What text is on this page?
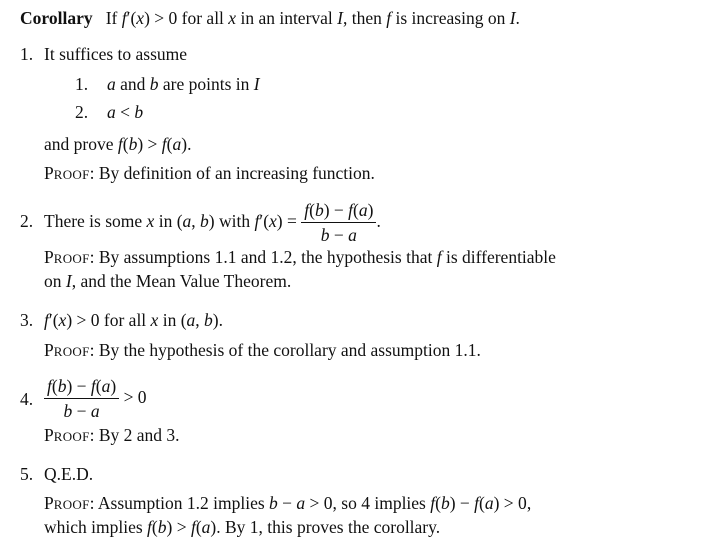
Corollary If f′(x) > 0 for all x in an interval I, then f is increasing on I.
1. It suffices to assume
1. a and b are points in I
2. a < b
and prove f(b) > f(a).
PROOF: By definition of an increasing function.
2. There is some x in (a, b) with $f'(x) = \frac{f(b) - f(a)}{b - a}$ .
PROOF: By assumptions 1.1 and 1.2, the hypothesis that f is differentiable
on I, and the Mean Value Theorem.
3. f′(x) > 0 for all x in (a, b).
PROOF: By the hypothesis of the corollary and assumption 1.1.
4. $\frac{f(b) - f(a)}{b - a} > 0$
PROOF: By 2 and 3.
5. Q.E.D.
PROOF: Assumption 1.2 implies b − a > 0, so 4 implies f(b) − f(a) > 0,
which implies f(b) > f(a). By 1, this proves the corollary.
